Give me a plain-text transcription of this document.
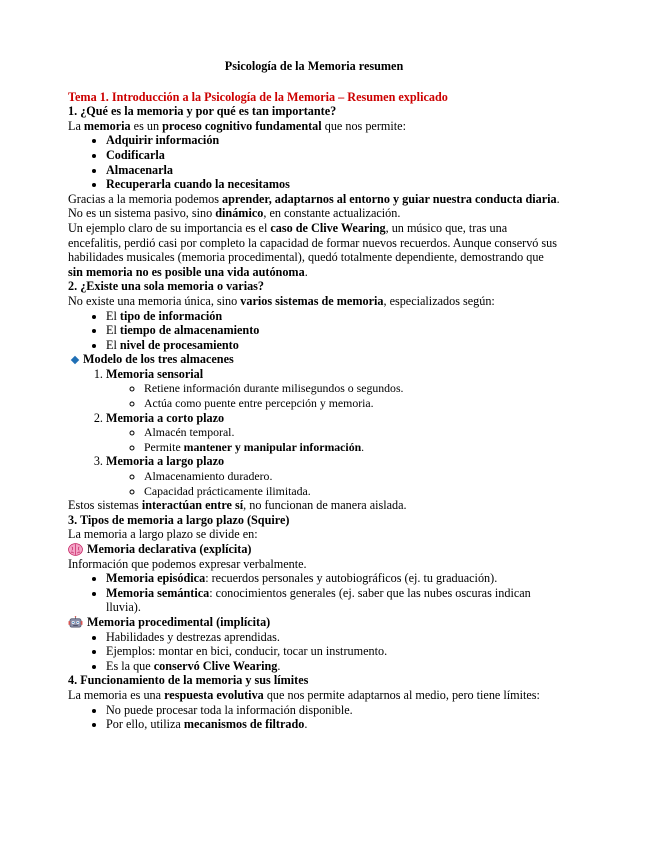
Psicología de la Memoria resumen

Tema 1. Introducción a la Psicología de la Memoria – Resumen explicado

1. ¿Qué es la memoria y por qué es tan importante?

La memoria es un proceso cognitivo fundamental que nos permite:

• Adquirir información
• Codificarla
• Almacenarla
• Recuperarla cuando la necesitamos

Gracias a la memoria podemos aprender, adaptarnos al entorno y guiar nuestra conducta diaria. No es un sistema pasivo, sino dinámico, en constante actualización.

Un ejemplo claro de su importancia es el caso de Clive Wearing, un músico que, tras una encefalitis, perdió casi por completo la capacidad de formar nuevos recuerdos. Aunque conservó sus habilidades musicales (memoria procedimental), quedó totalmente dependiente, demostrando que sin memoria no es posible una vida autónoma.

2. ¿Existe una sola memoria o varias?

No existe una memoria única, sino varios sistemas de memoria, especializados según:

• El tipo de información
• El tiempo de almacenamiento
• El nivel de procesamiento
Modelo de los tres almacenes
1. Memoria sensorial
◦ Retiene información durante milisegundos o segundos.
◦ Actúa como puente entre percepción y memoria.
2. Memoria a corto plazo
◦ Almacén temporal.
◦ Permite mantener y manipular información.
3. Memoria a largo plazo
◦ Almacenamiento duradero.
◦ Capacidad prácticamente ilimitada.

Estos sistemas interactúan entre sí, no funcionan de manera aislada.

3. Tipos de memoria a largo plazo (Squire)

La memoria a largo plazo se divide en:

Memoria declarativa (explícita)

Información que podemos expresar verbalmente.

• Memoria episódica: recuerdos personales y autobiográficos (ej. tu graduación).
• Memoria semántica: conocimientos generales (ej. saber que las nubes oscuras indican lluvia).
Memoria procedimental (implícita)
• Habilidades y destrezas aprendidas.
• Ejemplos: montar en bici, conducir, tocar un instrumento.
• Es la que conservó Clive Wearing.

4. Funcionamiento de la memoria y sus límites

La memoria es una respuesta evolutiva que nos permite adaptarnos al medio, pero tiene límites:

• No puede procesar toda la información disponible.
• Por ello, utiliza mecanismos de filtrado.
